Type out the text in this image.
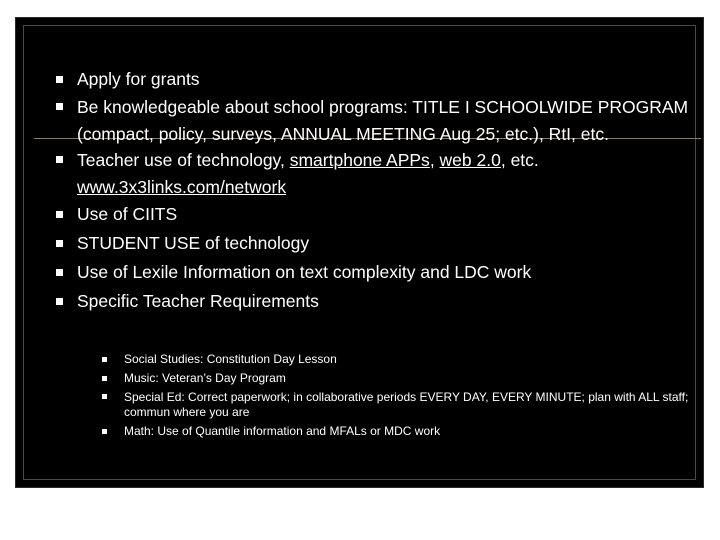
Apply for grants
Be knowledgeable about school programs: TITLE I SCHOOLWIDE PROGRAM (compact, policy, surveys, ANNUAL MEETING Aug 25; etc.), RtI, etc.
Teacher use of technology, smartphone APPs, web 2.0, etc.
www.3x3links.com/network
Use of CIITS
STUDENT USE of technology
Use of Lexile Information on text complexity and LDC work
Specific Teacher Requirements
Social Studies: Constitution Day Lesson
Music: Veteran’s Day Program
Special Ed: Correct paperwork; in collaborative periods EVERY DAY, EVERY MINUTE; plan with ALL staff; commun where you are
Math: Use of Quantile information and MFALs or MDC work
